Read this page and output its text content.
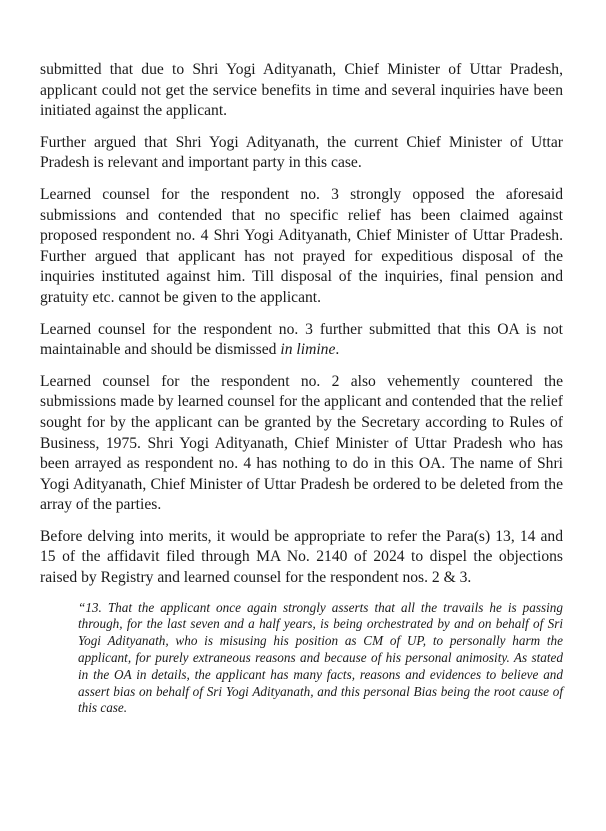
submitted that due to Shri Yogi Adityanath, Chief Minister of Uttar Pradesh, applicant could not get the service benefits in time and several inquiries have been initiated against the applicant.

Further argued that Shri Yogi Adityanath, the current Chief Minister of Uttar Pradesh is relevant and important party in this case.

Learned counsel for the respondent no. 3 strongly opposed the aforesaid submissions and contended that no specific relief has been claimed against proposed respondent no. 4 Shri Yogi Adityanath, Chief Minister of Uttar Pradesh. Further argued that applicant has not prayed for expeditious disposal of the inquiries instituted against him. Till disposal of the inquiries, final pension and gratuity etc. cannot be given to the applicant.

Learned counsel for the respondent no. 3 further submitted that this OA is not maintainable and should be dismissed in limine.

Learned counsel for the respondent no. 2 also vehemently countered the submissions made by learned counsel for the applicant and contended that the relief sought for by the applicant can be granted by the Secretary according to Rules of Business, 1975. Shri Yogi Adityanath, Chief Minister of Uttar Pradesh who has been arrayed as respondent no. 4 has nothing to do in this OA. The name of Shri Yogi Adityanath, Chief Minister of Uttar Pradesh be ordered to be deleted from the array of the parties.

Before delving into merits, it would be appropriate to refer the Para(s) 13, 14 and 15 of the affidavit filed through MA No. 2140 of 2024 to dispel the objections raised by Registry and learned counsel for the respondent nos. 2 & 3.

“13. That the applicant once again strongly asserts that all the travails he is passing through, for the last seven and a half years, is being orchestrated by and on behalf of Sri Yogi Adityanath, who is misusing his position as CM of UP, to personally harm the applicant, for purely extraneous reasons and because of his personal animosity. As stated in the OA in details, the applicant has many facts, reasons and evidences to believe and assert bias on behalf of Sri Yogi Adityanath, and this personal Bias being the root cause of this case.
